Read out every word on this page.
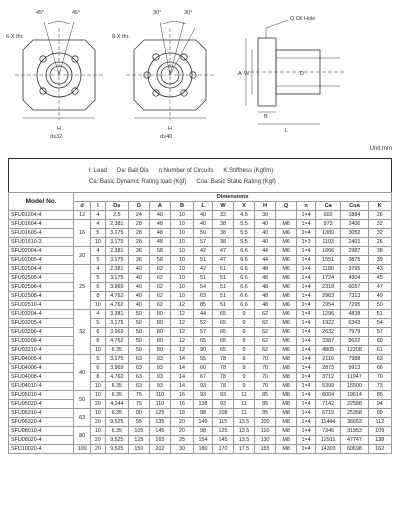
45°	45°
6-X thr.
H
d≤32
30°	30°
8-X thr.
H
d≥40
Q Oil Hole
A W	D
B
L
Unit:mm
l: Lead Da: Ball Dia n:Number of Circuits K:Stiffness (Kgf/m)
Ca: Basic Dynamic Rating load (Kgf) Coa: Basic Static Rating (Kgf)
Model No.	Dimensions														
	d	l	Ds	D	A	B	L	W	X	H	Q	n	Ca	Coa	K
SFU01204-4	12	4	2.5	24	40	10	40	32	4.5	30		1×4	902	1884	26
SFU01604-4	16	4	2.381	28	48	10	40	38	5.5	40	M6	1×4	973	2406	32
SFU01605-4		5	3.175	28	48	10	50	38	5.5	40	M6	1×4	1380	3052	32
SFU01610-3		10	3.175	28	48	10	57	38	5.5	40	M6	1×3	1103	2401	26
SFU02004-4	20	4	2.381	36	58	10	42	47	6.6	44	M6	1×4	1066	2987	38
SFU02005-4		5	3.175	36	58	10	51	47	6.6	44	M6	1×4	1551	3875	39
SFU02504-4	25	4	2.381	40	62	10	42	51	6.6	48	M6	1×4	1180	3795	43
SFU02505-4		5	3.175	40	62	10	51	51	6.6	48	M6	1×4	1724	4904	45
SFU02506-4		6	3.969	40	62	10	54	51	6.6	48	M6	1×4	2318	6057	47
SFU02508-4		8	4.762	40	62	10	63	51	6.6	48	M6	1×4	2963	7313	49
SFU02510-4		10	4.762	40	62	12	85	51	6.6	48	M6	1×4	2954	7295	50
SFU03204-4	32	4	3.381	50	80	12	44	65	9	62	M6	1×4	1296	4838	51
SFU03205-4		5	3.175	50	80	12	52	65	9	62	M6	1×4	1922	6343	54
SFU03206-4		6	3.969	50	80	12	57	65	9	62	M6	1×4	2632	7979	57
SFU03208-4		8	4.762	50	80	12	65	65	9	62	M6	1×4	3387	9622	60
SFU03210-4		10	6.35	50	80	12	90	65	9	62	M6	1×4	4805	12208	61
SFU04005-4	40	5	3.175	63	93	14	55	78	9	70	M8	1×4	2110	7988	63
SFU04006-4		6	3.969	63	93	14	60	78	9	70	M8	1×4	2873	9913	66
SFU04008-4		8	4.762	63	93	14	67	78	9	70	M8	1×4	3712	11947	70
SFU04010-4		10	6.35	63	93	14	93	78	9	70	M8	1×4	5399	15500	73
SFU05010-4	50	10	6.35	75	110	16	93	93	11	85	M8	1×4	6004	19614	85
SFU05020-4		20	4.144	75	110	16	138	93	11	85	M8	1×4	7142	22588	94
SFU06310-4	63	10	6.35	90	125	18	98	108	11	95	M8	1×4	6719	25358	99
SFU06320-4		20	9.525	95	135	20	149	115	13.5	100	M8	1×4	11444	36653	112
SFU08010-4	80	10	6.35	105	145	20	98	125	13.5	110	M8	1×4	7346	31953	109
SFU08020-4		20	9.525	125	165	25	154	145	13.5	130	M8	1×4	12911	47747	138
SFU10020-4	100	20	9.525	150	202	30	180	170	17.5	155	M8	1×4	14303	60698	162
